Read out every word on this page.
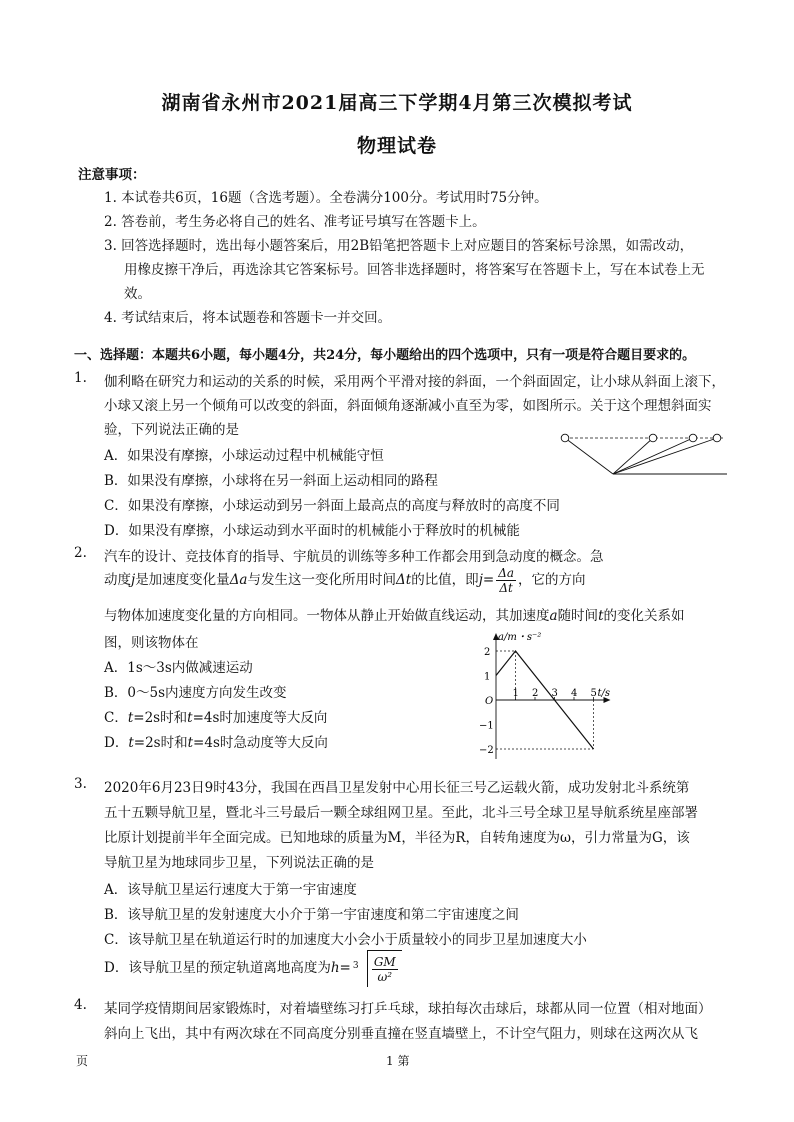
湖南省永州市2021届高三下学期4月第三次模拟考试
物理试卷
注意事项：
1. 本试卷共6页，16题（含选考题）。全卷满分100分。考试用时75分钟。
2. 答卷前，考生务必将自己的姓名、准考证号填写在答题卡上。
3. 回答选择题时，选出每小题答案后，用2B铅笔把答题卡上对应题目的答案标号涂黑，如需改动，
用橡皮擦干净后，再选涂其它答案标号。回答非选择题时，将答案写在答题卡上，写在本试卷上无
效。
4. 考试结束后，将本试题卷和答题卡一并交回。
一、选择题：本题共6小题，每小题4分，共24分，每小题给出的四个选项中，只有一项是符合题目要求的。
1. 伽利略在研究力和运动的关系的时候，采用两个平滑对接的斜面，一个斜面固定，让小球从斜面上滚下，
小球又滚上另一个倾角可以改变的斜面，斜面倾角逐渐减小直至为零，如图所示。关于这个理想斜面实
验，下列说法正确的是
A．如果没有摩擦，小球运动过程中机械能守恒
B．如果没有摩擦，小球将在另一斜面上运动相同的路程
C．如果没有摩擦，小球运动到另一斜面上最高点的高度与释放时的高度不同
D．如果没有摩擦，小球运动到水平面时的机械能小于释放时的机械能
2. 汽车的设计、竞技体育的指导、宇航员的训练等多种工作都会用到急动度的概念。急
动度j是加速度变化量Δa与发生这一变化所用时间Δt的比值，即$j= \frac{\Delta a}{\Delta t}$ ，它的方向
与物体加速度变化量的方向相同。一物体从静止开始做直线运动，其加速度a随时间t的变化关系如
图，则该物体在
A．1s～3s内做减速运动
B．0～5s内速度方向发生改变
C．t=2s时和t=4s时加速度等大反向
D．t=2s时和t=4s时急动度等大反向
a/m・s⁻²
t/s
O
1 2 3 4 5
2
1
−1
−2
3. 2020年6月23日9时43分，我国在西昌卫星发射中心用长征三号乙运载火箭，成功发射北斗系统第
五十五颗导航卫星，暨北斗三号最后一颗全球组网卫星。至此，北斗三号全球卫星导航系统星座部署
比原计划提前半年全面完成。已知地球的质量为M，半径为R，自转角速度为ω，引力常量为G，该
导航卫星为地球同步卫星，下列说法正确的是
A．该导航卫星运行速度大于第一宇宙速度
B．该导航卫星的发射速度大小介于第一宇宙速度和第二宇宙速度之间
C．该导航卫星在轨道运行时的加速度大小会小于质量较小的同步卫星加速度大小
D．该导航卫星的预定轨道离地高度为$h= 3 \frac{GM}{\text{ω²}}$
4. 某同学疫情期间居家锻炼时，对着墙壁练习打乒乓球，球拍每次击球后，球都从同一位置（相对地面）
斜向上飞出，其中有两次球在不同高度分别垂直撞在竖直墙壁上，不计空气阻力，则球在这两次从飞
页	1 第
